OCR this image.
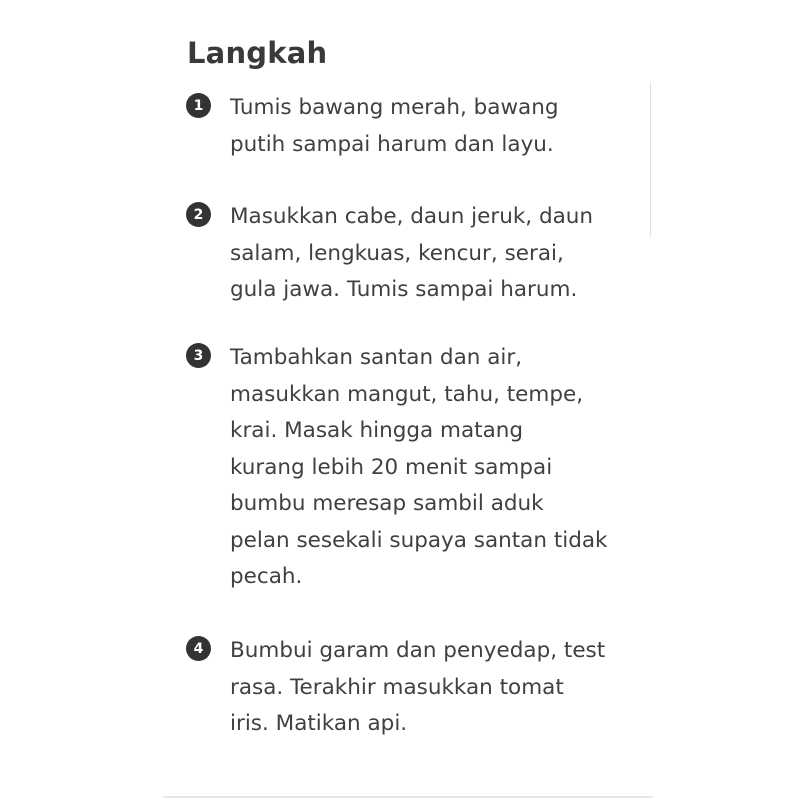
Langkah
1	Tumis bawang merah, bawang
putih sampai harum dan layu.

2	Masukkan cabe, daun jeruk, daun
salam, lengkuas, kencur, serai,
gula jawa. Tumis sampai harum.

3	Tambahkan santan dan air,
masukkan mangut, tahu, tempe,
krai. Masak hingga matang
kurang lebih 20 menit sampai
bumbu meresap sambil aduk
pelan sesekali supaya santan tidak
pecah.

4	Bumbui garam dan penyedap, test
rasa. Terakhir masukkan tomat
iris. Matikan api.
